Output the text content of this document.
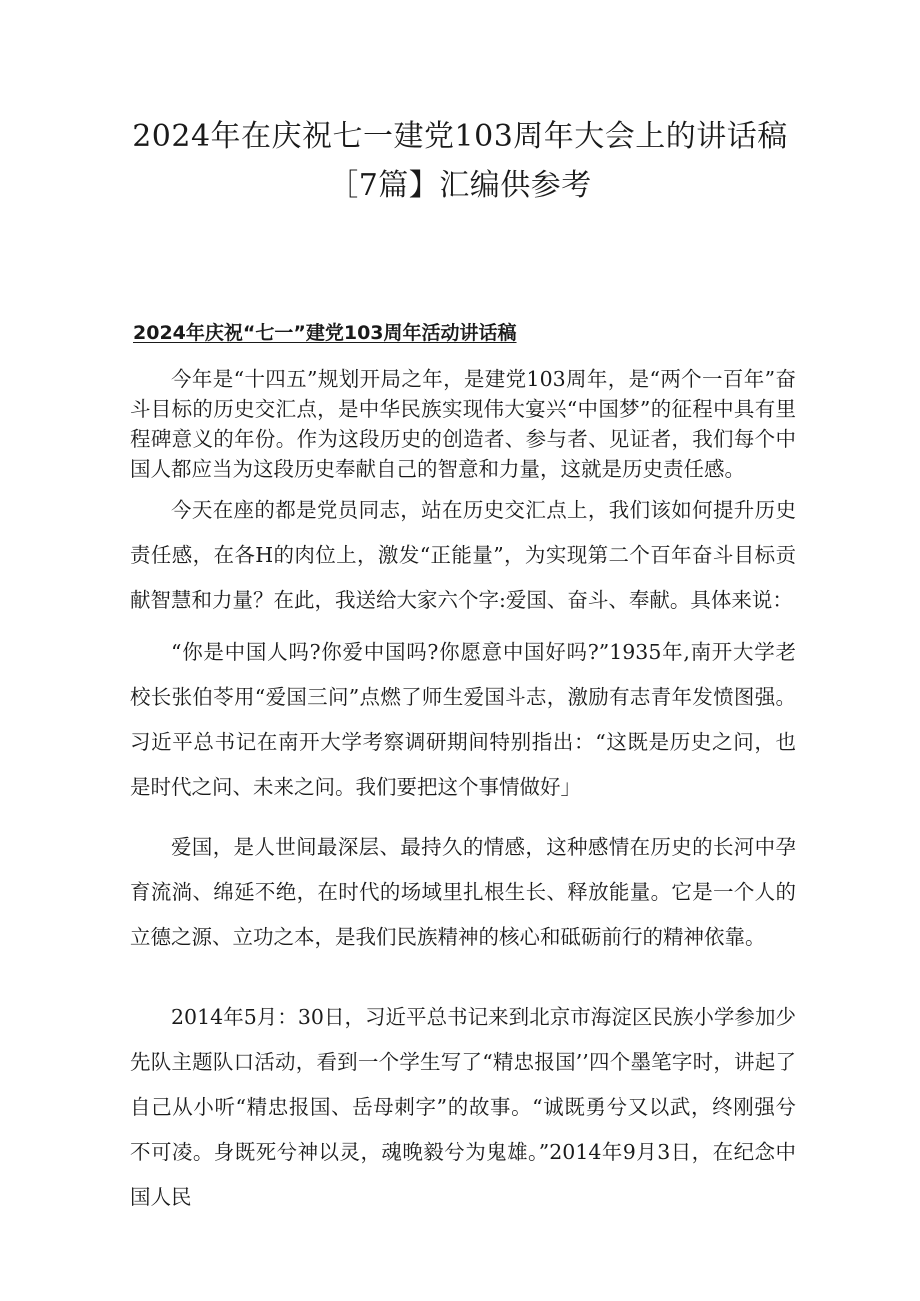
2024年在庆祝七一建党103周年大会上的讲话稿［7篇】汇编供参考
2024年庆祝“七一”建党103周年活动讲话稿

今年是“十四五”规划开局之年，是建党103周年，是“两个一百年”奋斗目标的历史交汇点，是中华民族实现伟大宴兴“中国梦”的征程中具有里程碑意义的年份。作为这段历史的创造者、参与者、见证者，我们每个中国人都应当为这段历史奉献自己的智意和力量，这就是历史责任感。

今天在座的都是党员同志，站在历史交汇点上，我们该如何提升历史责任感，在各H的肉位上，激发“正能量”，为实现第二个百年奋斗目标贡献智慧和力量？在此，我送给大家六个字:爱国、奋斗、奉献。具体来说：

“你是中国人吗?你爱中国吗?你愿意中国好吗?”1935年,南开大学老校长张伯苓用“爱国三问”点燃了师生爱国斗志，激励有志青年发愤图强。习近平总书记在南开大学考察调研期间特别指出：“这既是历史之问，也是时代之问、未来之问。我们要把这个事情做好」

爱国，是人世间最深层、最持久的情感，这种感情在历史的长河中孕育流淌、绵延不绝，在时代的场域里扎根生长、释放能量。它是一个人的立德之源、立功之本，是我们民族精神的核心和砥砺前行的精神依靠。

2014年5月：30日，习近平总书记来到北京市海淀区民族小学参加少先队主题队口活动，看到一个学生写了“精忠报国’’四个墨笔字时，讲起了自己从小听“精忠报国、岳母刺字”的故事。“诚既勇兮又以武，终刚强兮不可凌。身既死兮神以灵，魂晚毅兮为鬼雄。”2014年9月3日，在纪念中国人民
